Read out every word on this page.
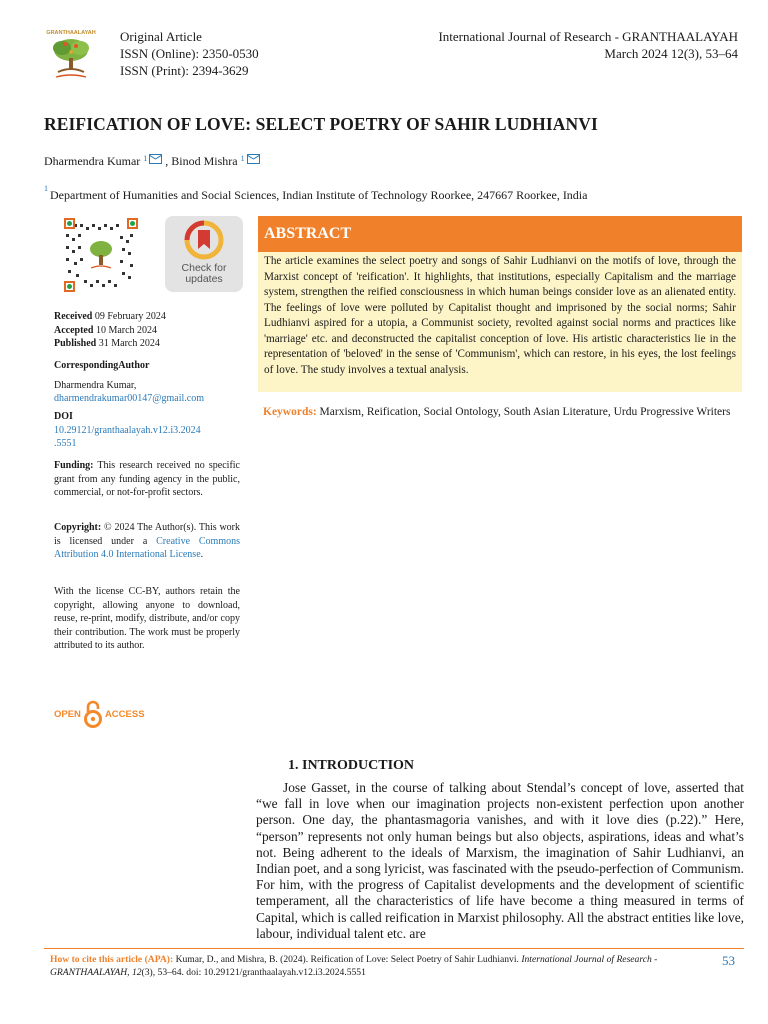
GRANTHAALAYAH Original Article
ISSN (Online): 2350-0530
ISSN (Print): 2394-3629
International Journal of Research - GRANTHAALAYAH
March 2024 12(3), 53–64
REIFICATION OF LOVE: SELECT POETRY OF SAHIR LUDHIANVI
Dharmendra Kumar $^1$ , Binod Mishra $^1$
$^1$ Department of Humanities and Social Sciences, Indian Institute of Technology Roorkee, 247667 Roorkee, India
Check for
updates
Received 09 February 2024
Accepted 10 March 2024
Published 31 March 2024
CorrespondingAuthor
Dharmendra Kumar,
dharmendrakumar00147@gmail.com
DOI
10.29121/granthaalayah.v12.i3.2024
.5551
Funding: This research received no specific grant from any funding agency in the public, commercial, or not-for-profit sectors.
Copyright: © 2024 The Author(s). This work is licensed under a Creative Commons Attribution 4.0 International License.
With the license CC-BY, authors retain the copyright, allowing anyone to download, reuse, re-print, modify, distribute, and/or copy their contribution. The work must be properly attributed to its author.
OPEN	ACCESS
ABSTRACT
The article examines the select poetry and songs of Sahir Ludhianvi on the motifs of love, through the Marxist concept of 'reification'. It highlights, that institutions, especially Capitalism and the marriage system, strengthen the reified consciousness in which human beings consider love as an alienated entity. The feelings of love were polluted by Capitalist thought and imprisoned by the social norms; Sahir Ludhianvi aspired for a utopia, a Communist society, revolted against social norms and practices like 'marriage' etc. and deconstructed the capitalist conception of love. His artistic characteristics lie in the representation of 'beloved' in the sense of 'Communism', which can restore, in his eyes, the lost feelings of love. The study involves a textual analysis.
Keywords: Marxism, Reification, Social Ontology, South Asian Literature, Urdu Progressive Writers
1. INTRODUCTION
Jose Gasset, in the course of talking about Stendal’s concept of love, asserted that “we fall in love when our imagination projects non-existent perfection upon another person. One day, the phantasmagoria vanishes, and with it love dies (p.22).” Here, “person” represents not only human beings but also objects, aspirations, ideas and what’s not. Being adherent to the ideals of Marxism, the imagination of Sahir Ludhianvi, an Indian poet, and a song lyricist, was fascinated with the pseudo-perfection of Communism. For him, with the progress of Capitalist developments and the development of scientific temperament, all the characteristics of life have become a thing measured in terms of Capital, which is called reification in Marxist philosophy. All the abstract entities like love, labour, individual talent etc. are
How to cite this article (APA): Kumar, D., and Mishra, B. (2024). Reification of Love: Select Poetry of Sahir Ludhianvi. International Journal of Research - GRANTHAALAYAH, 12(3), 53–64. doi: 10.29121/granthaalayah.v12.i3.2024.5551
53
